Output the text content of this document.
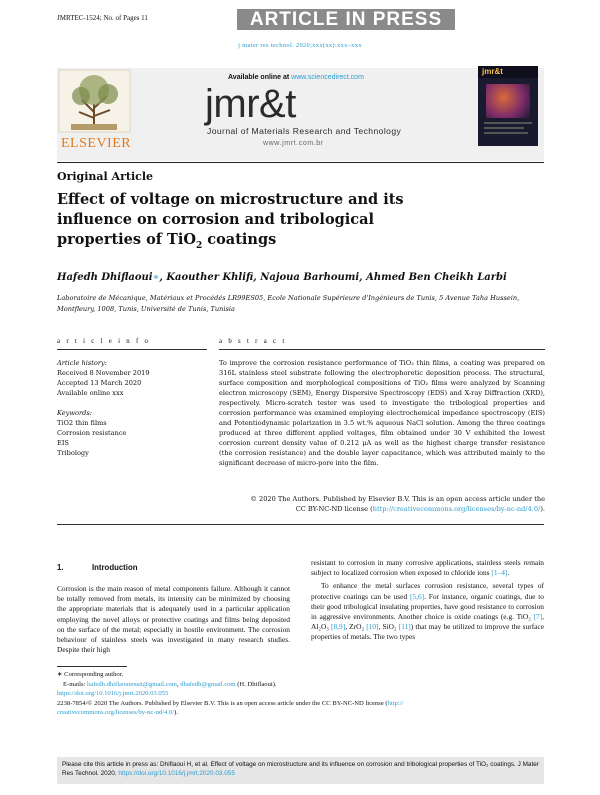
JMRTEC-1524; No. of Pages 11	ARTICLE IN PRESS
j mater res technol. 2020;xxx(xx):xxx–xxx
ELSEVIER
Available online at www.sciencedirect.com
jmr&t
Journal of Materials Research and Technology
www.jmrt.com.br
jmr&t
Original Article
Effect of voltage on microstructure and its
influence on corrosion and tribological
properties of TiO$_2$ coatings
Hafedh Dhiflaoui∗, Kaouther Khlifi, Najoua Barhoumi, Ahmed Ben Cheikh Larbi
Laboratoire de Mécanique, Matériaux et Procédés LR99ES05, Ecole Nationale Supérieure d'Ingénieurs de Tunis, 5 Avenue Taha Hussein, Montfleury, 1008, Tunis, Université de Tunis, Tunisia
a r t i c l e i n f o	a b s t r a c t
Article history:
Received 8 November 2019
Accepted 13 March 2020
Available online xxx
Keywords:
TiO2 thin films
Corrosion resistance
EIS
Tribology
To improve the corrosion resistance performance of TiO₂ thin films, a coating was prepared on 316L stainless steel substrate following the electrophoretic deposition process. The structural, surface composition and morphological compositions of TiO₂ films were analyzed by Scanning electron microscopy (SEM), Energy Dispersive Spectroscopy (EDS) and X-ray Diffraction (XRD), respectively. Micro-scratch tester was used to investigate the tribological properties and corrosion performance was examined employing electrochemical impedance spectroscopy (EIS) and Potentiodynamic polarization in 3.5 wt.% aqueous NaCl solution. Among the three coatings produced at three different applied voltages, film obtained under 30 V exhibited the lowest corrosion current density value of 0.212 μA as well as the highest charge transfer resistance (the corrosion resistance) and the double layer capacitance, which was attributed mainly to the significant decrease of micro-pore into the film.
© 2020 The Authors. Published by Elsevier B.V. This is an open access article under the
CC BY-NC-ND license (http://creativecommons.org/licenses/by-nc-nd/4.0/).
1.	Introduction

Corrosion is the main reason of metal components failure. Although it cannot be totally removed from metals, its intensity can be minimized by choosing the appropriate materials that is adequately used in a particular application employing the novel alloys or protective coatings and films being deposited on the surface of the metal; especially in hostile environment. The corrosion behaviour of stainless steels was investigated in many research studies. Despite their high

resistant to corrosion in many corrosive applications, stainless steels remain subject to localized corrosion when exposed to chloride ions [1–4].

To enhance the metal surfaces corrosion resistance, several types of protective coatings can be used [5,6]. For instance, organic coatings, due to their good tribological insulating properties, have good resistance to corrosion in aggressive environments. Another choice is oxide coatings (e.g. TiO₂ [7], Al₂O₃ [8,9], ZrO₂ [10], SiO₂ [11]) that may be utilized to improve the surface properties of metals. The two types

∗ Corresponding author.
E-mails: hafedh.dhiflaouiensit@gmail.com, dhafedh@gmail.com (H. Dhiflaoui).
https://doi.org/10.1016/j.jmrt.2020.03.055
2238-7854/© 2020 The Authors. Published by Elsevier B.V. This is an open access article under the CC BY-NC-ND license (http://
creativecommons.org/licenses/by-nc-nd/4.0/).
Please cite this article in press as: Dhiflaoui H, et al. Effect of voltage on microstructure and its influence on corrosion and tribological properties of TiO₂ coatings. J Mater Res Technol. 2020. https://doi.org/10.1016/j.jmrt.2020.03.055
